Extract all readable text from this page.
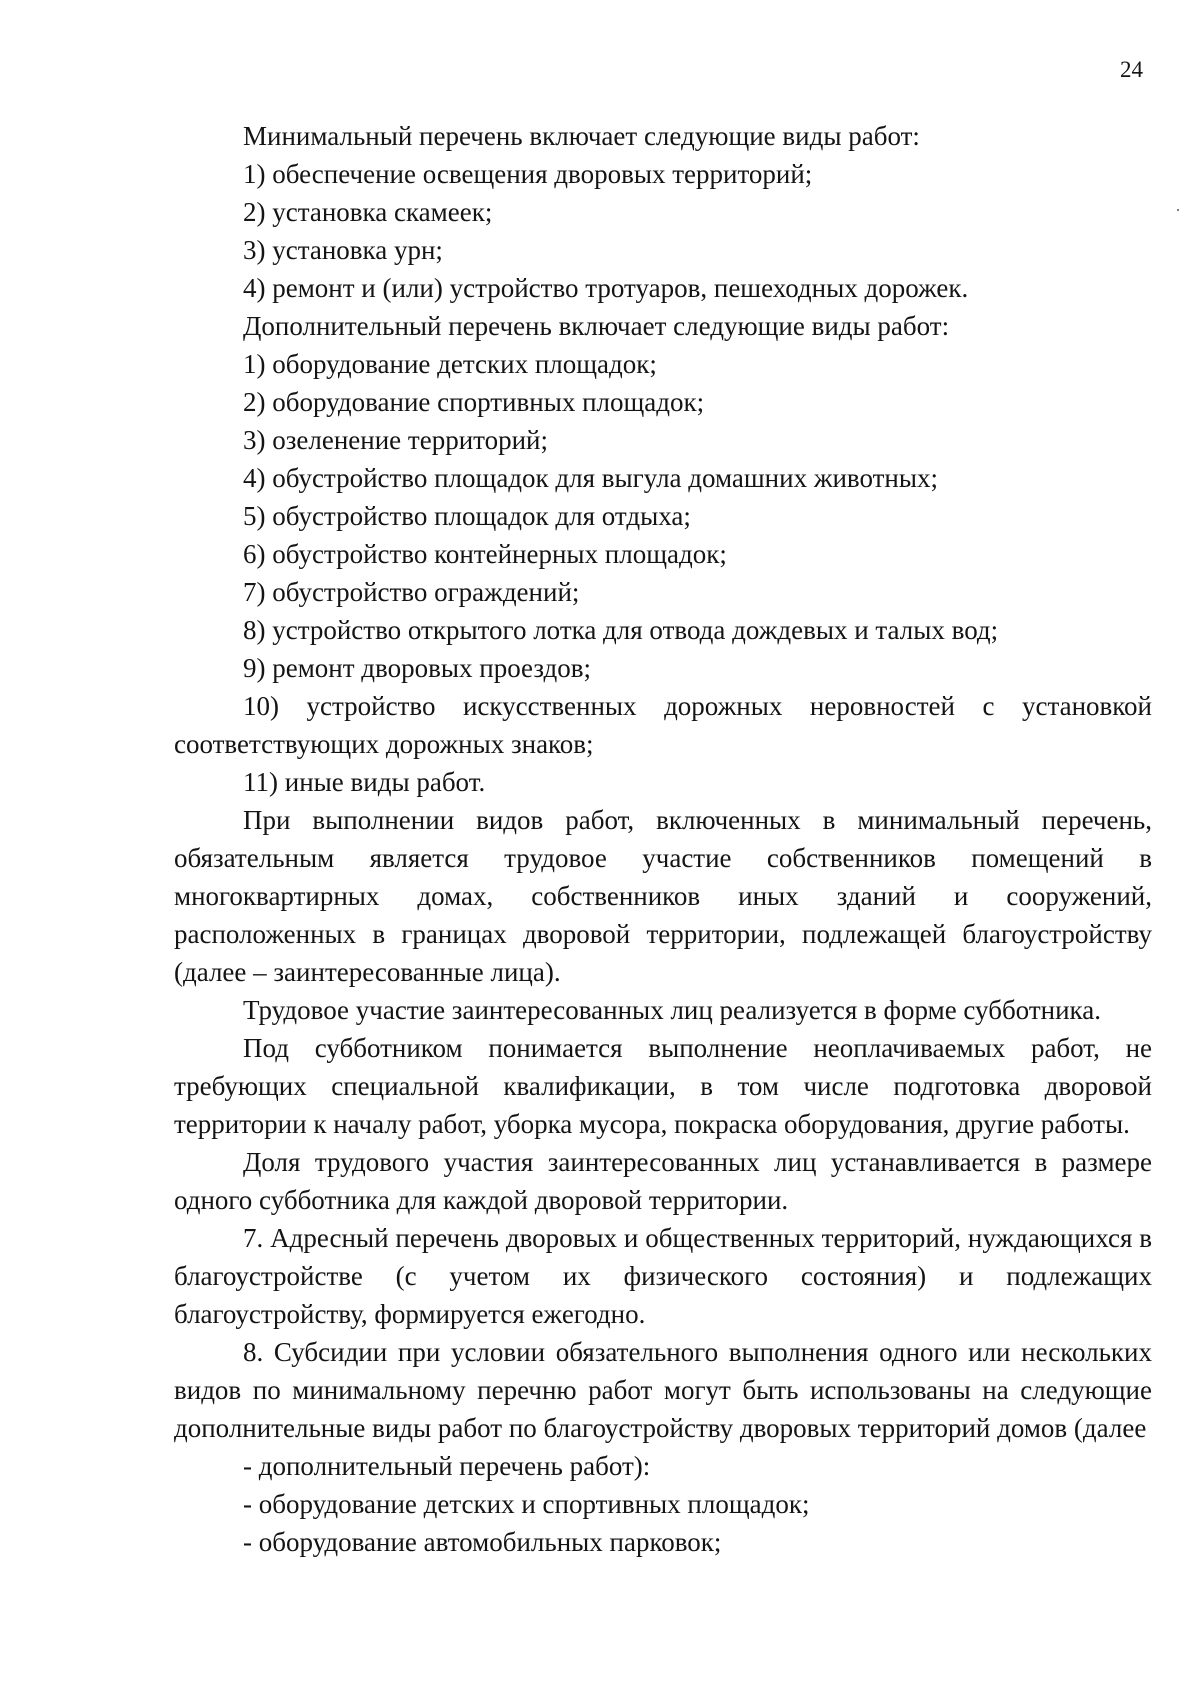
24

Минимальный перечень включает следующие виды работ:

1) обеспечение освещения дворовых территорий;

2) установка скамеек;

3) установка урн;

4) ремонт и (или) устройство тротуаров, пешеходных дорожек.

Дополнительный перечень включает следующие виды работ:

1) оборудование детских площадок;

2) оборудование спортивных площадок;

3) озеленение территорий;

4) обустройство площадок для выгула домашних животных;

5) обустройство площадок для отдыха;

6) обустройство контейнерных площадок;

7) обустройство ограждений;

8) устройство открытого лотка для отвода дождевых и талых вод;

9) ремонт дворовых проездов;

10) устройство искусственных дорожных неровностей с установкой соответствующих дорожных знаков;

11) иные виды работ.

При выполнении видов работ, включенных в минимальный перечень, обязательным является трудовое участие собственников помещений в многоквартирных домах, собственников иных зданий и сооружений, расположенных в границах дворовой территории, подлежащей благоустройству (далее – заинтересованные лица).

Трудовое участие заинтересованных лиц реализуется в форме субботника.

Под субботником понимается выполнение неоплачиваемых работ, не требующих специальной квалификации, в том числе подготовка дворовой территории к началу работ, уборка мусора, покраска оборудования, другие работы.

Доля трудового участия заинтересованных лиц устанавливается в размере одного субботника для каждой дворовой территории.

7. Адресный перечень дворовых и общественных территорий, нуждающихся в благоустройстве (с учетом их физического состояния) и подлежащих благоустройству, формируется ежегодно.

8. Субсидии при условии обязательного выполнения одного или нескольких видов по минимальному перечню работ могут быть использованы на следующие дополнительные виды работ по благоустройству дворовых территорий домов (далее

- дополнительный перечень работ):

- оборудование детских и спортивных площадок;

- оборудование автомобильных парковок;
